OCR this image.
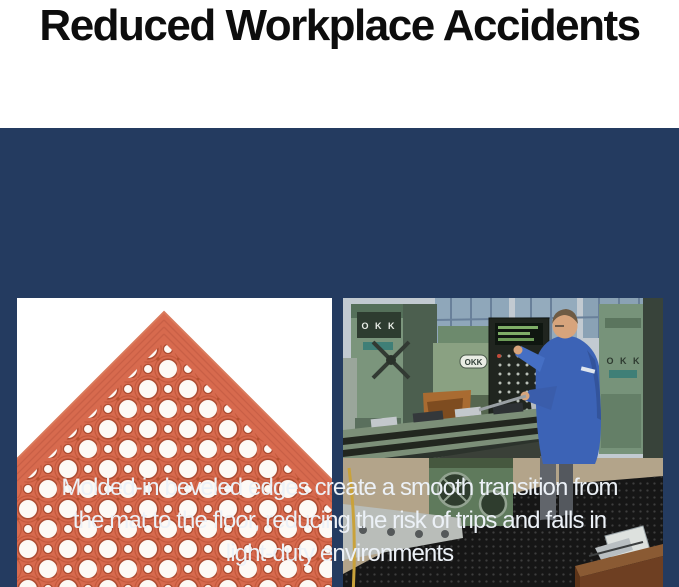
Reduced Workplace Accidents
O K K
O K K
OKK
Molded-in beveled edges create a smooth transition from
the mat to the floor, reducing the risk of trips and falls in
light-duty environments
